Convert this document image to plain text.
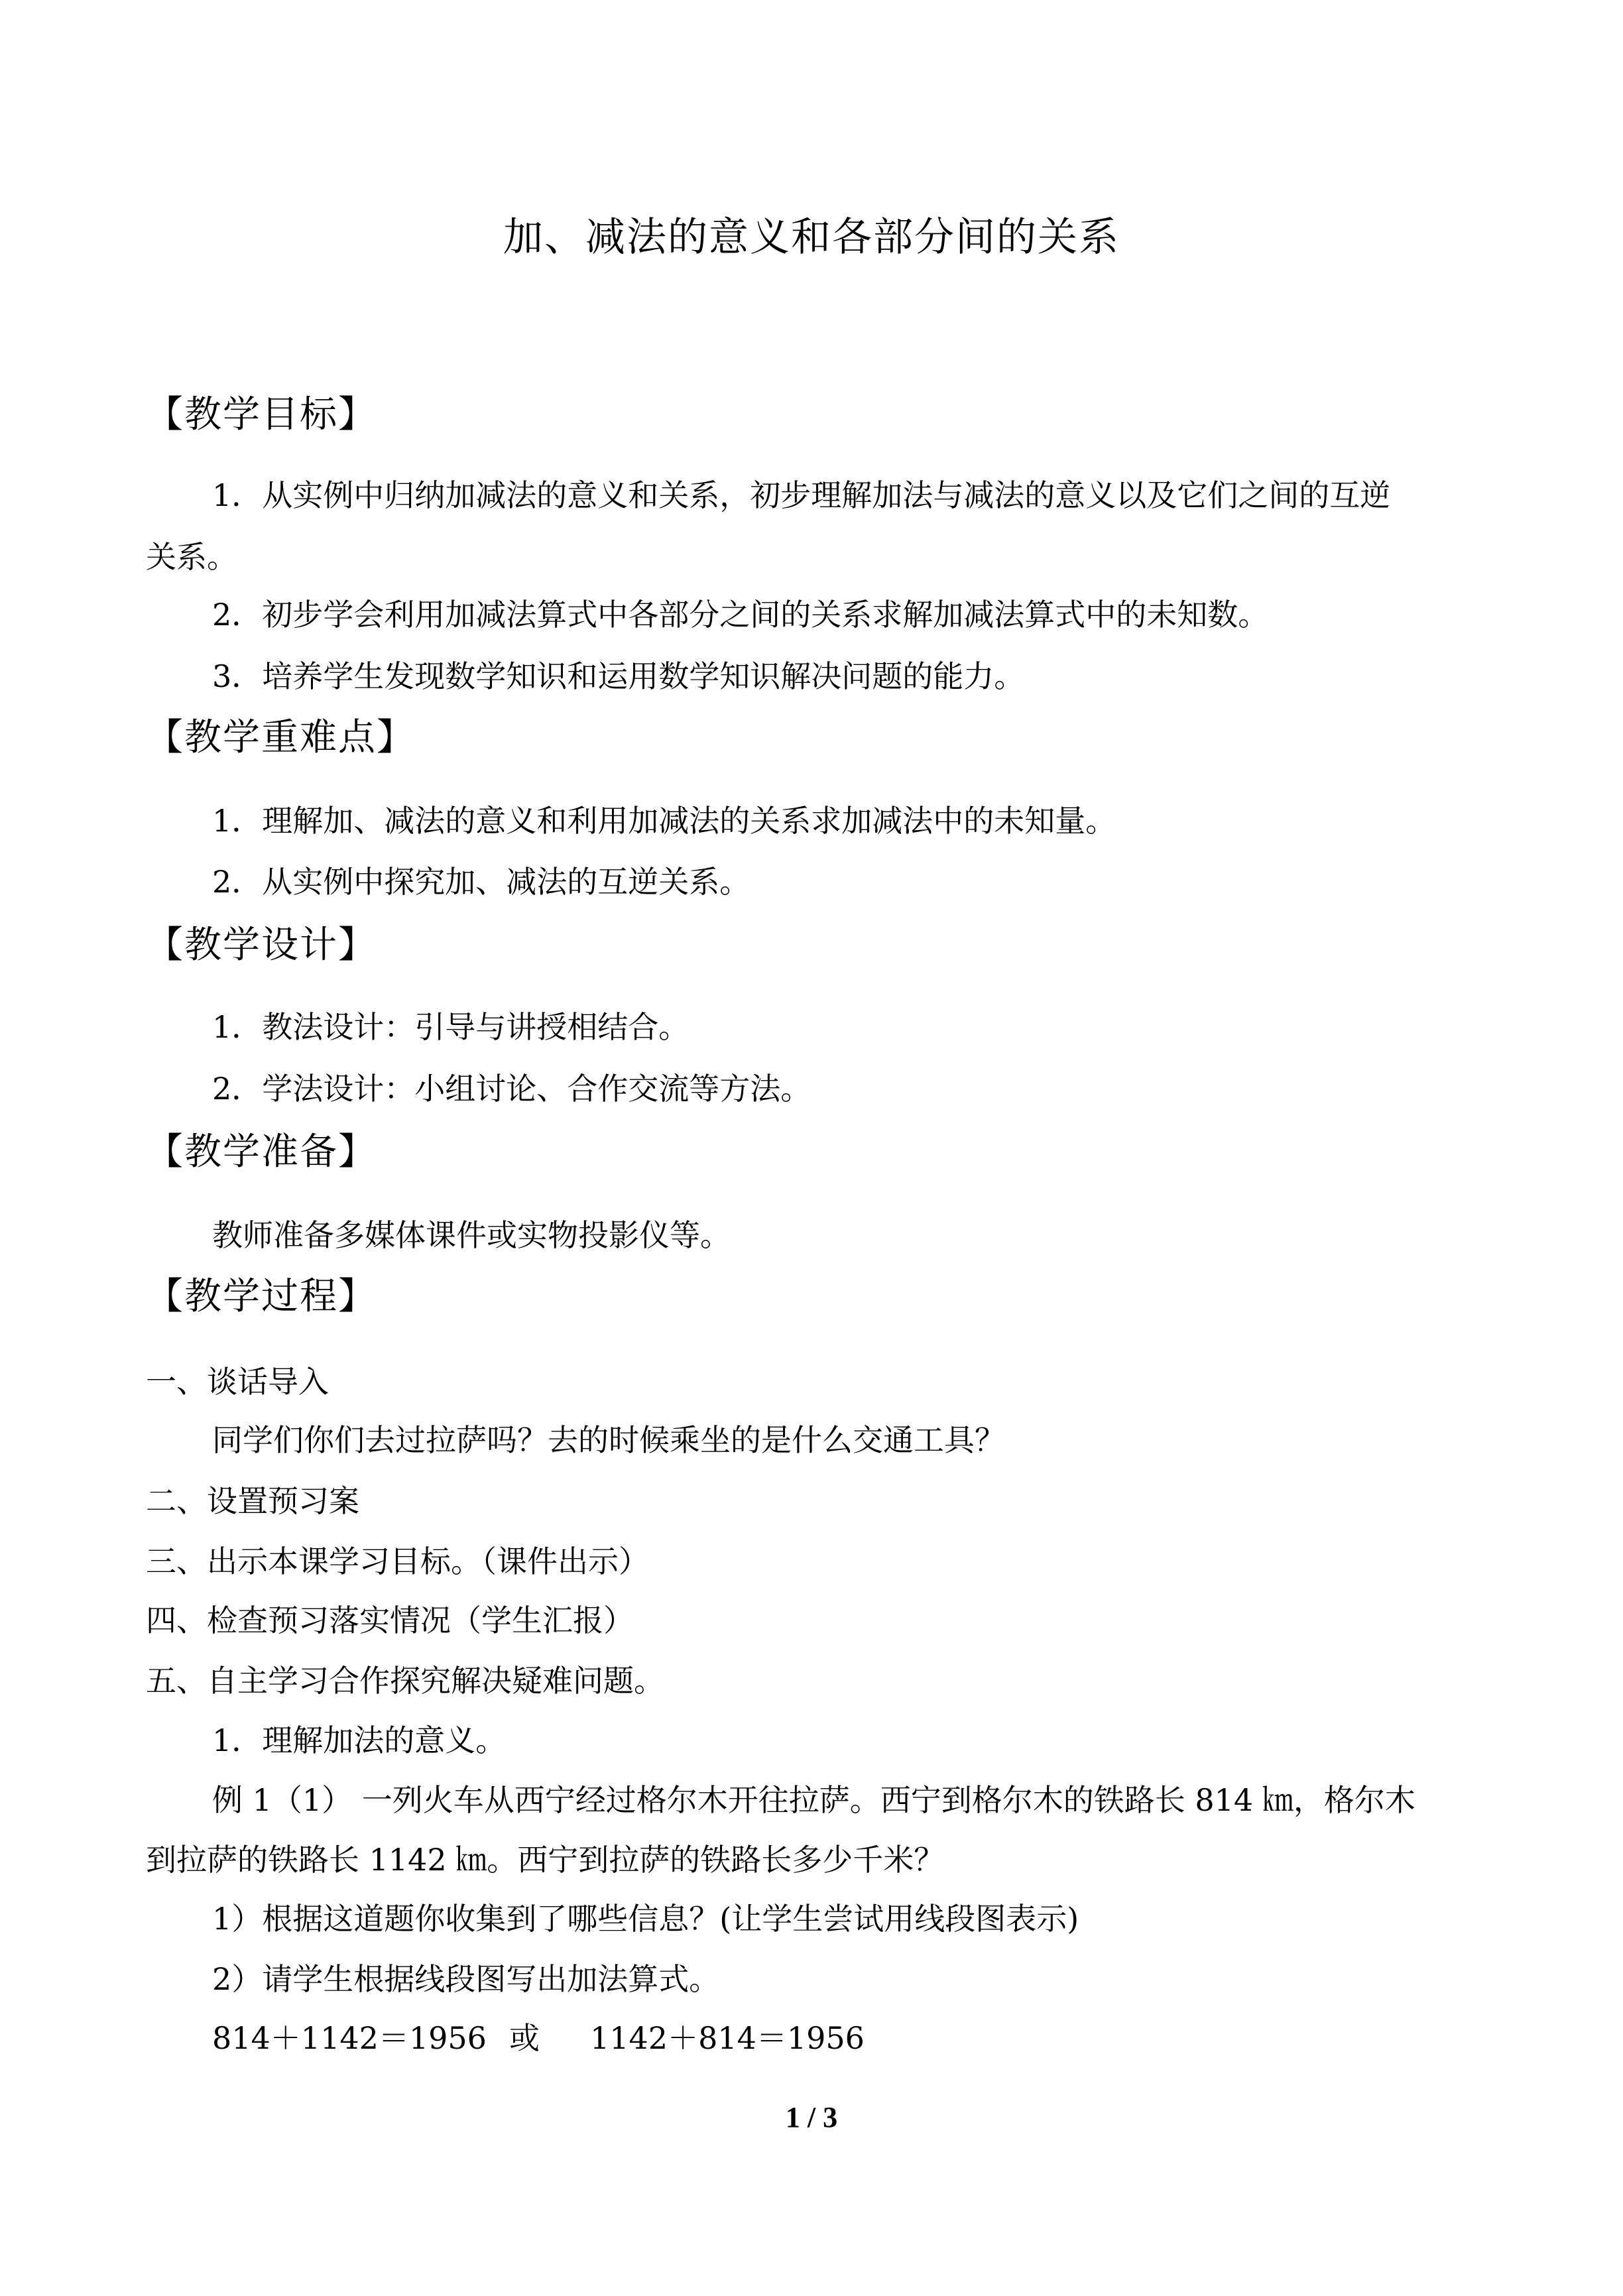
加、减法的意义和各部分间的关系
【教学目标】
1．从实例中归纳加减法的意义和关系，初步理解加法与减法的意义以及它们之间的互逆
关系。
2．初步学会利用加减法算式中各部分之间的关系求解加减法算式中的未知数。
3．培养学生发现数学知识和运用数学知识解决问题的能力。
【教学重难点】
1．理解加、减法的意义和利用加减法的关系求加减法中的未知量。
2．从实例中探究加、减法的互逆关系。
【教学设计】
1．教法设计：引导与讲授相结合。
2．学法设计：小组讨论、合作交流等方法。
【教学准备】
教师准备多媒体课件或实物投影仪等。
【教学过程】
一、谈话导入
同学们你们去过拉萨吗？去的时候乘坐的是什么交通工具？
二、设置预习案
三、出示本课学习目标。（课件出示）
四、检查预习落实情况（学生汇报）
五、自主学习合作探究解决疑难问题。
1．理解加法的意义。
例 1（1） 一列火车从西宁经过格尔木开往拉萨。西宁到格尔木的铁路长 814 ㎞，格尔木
到拉萨的铁路长 1142 ㎞。西宁到拉萨的铁路长多少千米？
1）根据这道题你收集到了哪些信息？(让学生尝试用线段图表示)
2）请学生根据线段图写出加法算式。
814＋1142＝1956 或 1142＋814＝1956
1 / 3
